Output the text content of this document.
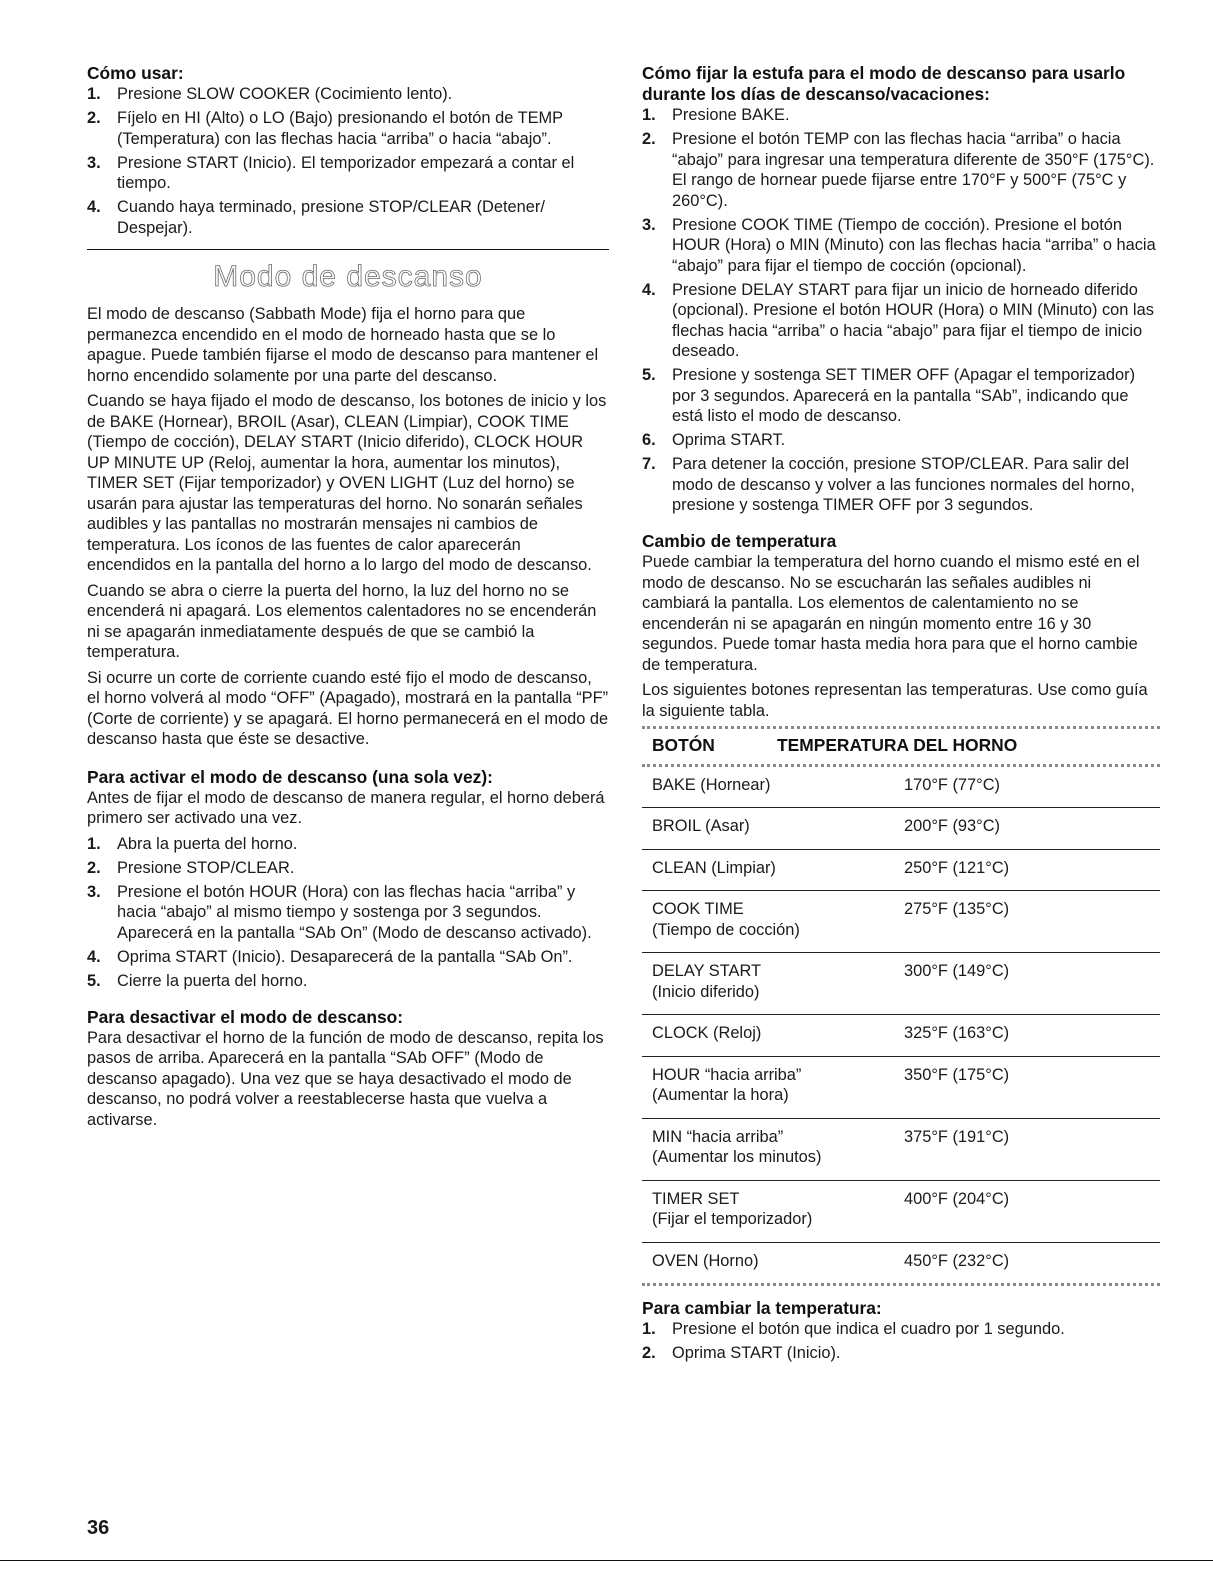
Cómo usar:
1. Presione SLOW COOKER (Cocimiento lento).
2. Fíjelo en HI (Alto) o LO (Bajo) presionando el botón de TEMP (Temperatura) con las flechas hacia “arriba” o hacia “abajo”.
3. Presione START (Inicio). El temporizador empezará a contar el tiempo.
4. Cuando haya terminado, presione STOP/CLEAR (Detener/ Despejar).
Modo de descanso

El modo de descanso (Sabbath Mode) fija el horno para que permanezca encendido en el modo de horneado hasta que se lo apague. Puede también fijarse el modo de descanso para mantener el horno encendido solamente por una parte del descanso.

Cuando se haya fijado el modo de descanso, los botones de inicio y los de BAKE (Hornear), BROIL (Asar), CLEAN (Limpiar), COOK TIME (Tiempo de cocción), DELAY START (Inicio diferido), CLOCK HOUR UP MINUTE UP (Reloj, aumentar la hora, aumentar los minutos), TIMER SET (Fijar temporizador) y OVEN LIGHT (Luz del horno) se usarán para ajustar las temperaturas del horno. No sonarán señales audibles y las pantallas no mostrarán mensajes ni cambios de temperatura. Los íconos de las fuentes de calor aparecerán encendidos en la pantalla del horno a lo largo del modo de descanso.

Cuando se abra o cierre la puerta del horno, la luz del horno no se encenderá ni apagará. Los elementos calentadores no se encenderán ni se apagarán inmediatamente después de que se cambió la temperatura.

Si ocurre un corte de corriente cuando esté fijo el modo de descanso, el horno volverá al modo “OFF” (Apagado), mostrará en la pantalla “PF” (Corte de corriente) y se apagará. El horno permanecerá en el modo de descanso hasta que éste se desactive.

Para activar el modo de descanso (una sola vez):

Antes de fijar el modo de descanso de manera regular, el horno deberá primero ser activado una vez.

1. Abra la puerta del horno.
2. Presione STOP/CLEAR.
3. Presione el botón HOUR (Hora) con las flechas hacia “arriba” y hacia “abajo” al mismo tiempo y sostenga por 3 segundos. Aparecerá en la pantalla “SAb On” (Modo de descanso activado).
4. Oprima START (Inicio). Desaparecerá de la pantalla “SAb On”.
5. Cierre la puerta del horno.
Para desactivar el modo de descanso:

Para desactivar el horno de la función de modo de descanso, repita los pasos de arriba. Aparecerá en la pantalla “SAb OFF” (Modo de descanso apagado). Una vez que se haya desactivado el modo de descanso, no podrá volver a reestablecerse hasta que vuelva a activarse.

Cómo fijar la estufa para el modo de descanso para usarlo durante los días de descanso/vacaciones:
1. Presione BAKE.
2. Presione el botón TEMP con las flechas hacia “arriba” o hacia “abajo” para ingresar una temperatura diferente de 350°F (175°C). El rango de hornear puede fijarse entre 170°F y 500°F (75°C y 260°C).
3. Presione COOK TIME (Tiempo de cocción). Presione el botón HOUR (Hora) o MIN (Minuto) con las flechas hacia “arriba” o hacia “abajo” para fijar el tiempo de cocción (opcional).
4. Presione DELAY START para fijar un inicio de horneado diferido (opcional). Presione el botón HOUR (Hora) o MIN (Minuto) con las flechas hacia “arriba” o hacia “abajo” para fijar el tiempo de inicio deseado.
5. Presione y sostenga SET TIMER OFF (Apagar el temporizador) por 3 segundos. Aparecerá en la pantalla “SAb”, indicando que está listo el modo de descanso.
6. Oprima START.
7. Para detener la cocción, presione STOP/CLEAR. Para salir del modo de descanso y volver a las funciones normales del horno, presione y sostenga TIMER OFF por 3 segundos.
Cambio de temperatura

Puede cambiar la temperatura del horno cuando el mismo esté en el modo de descanso. No se escucharán las señales audibles ni cambiará la pantalla. Los elementos de calentamiento no se encenderán ni se apagarán en ningún momento entre 16 y 30 segundos. Puede tomar hasta media hora para que el horno cambie de temperatura.

Los siguientes botones representan las temperaturas. Use como guía la siguiente tabla.

BOTÓN	TEMPERATURA DEL HORNO
BAKE (Hornear)	170°F (77°C)

BROIL (Asar)	200°F (93°C)

CLEAN (Limpiar)	250°F (121°C)

COOK TIME
(Tiempo de cocción)	275°F (135°C)

DELAY START
(Inicio diferido)	300°F (149°C)

CLOCK (Reloj)	325°F (163°C)

HOUR “hacia arriba”
(Aumentar la hora)	350°F (175°C)

MIN “hacia arriba”
(Aumentar los minutos)	375°F (191°C)

TIMER SET
(Fijar el temporizador)	400°F (204°C)

OVEN (Horno)	450°F (232°C)
Para cambiar la temperatura:
1. Presione el botón que indica el cuadro por 1 segundo.
2. Oprima START (Inicio).
36
